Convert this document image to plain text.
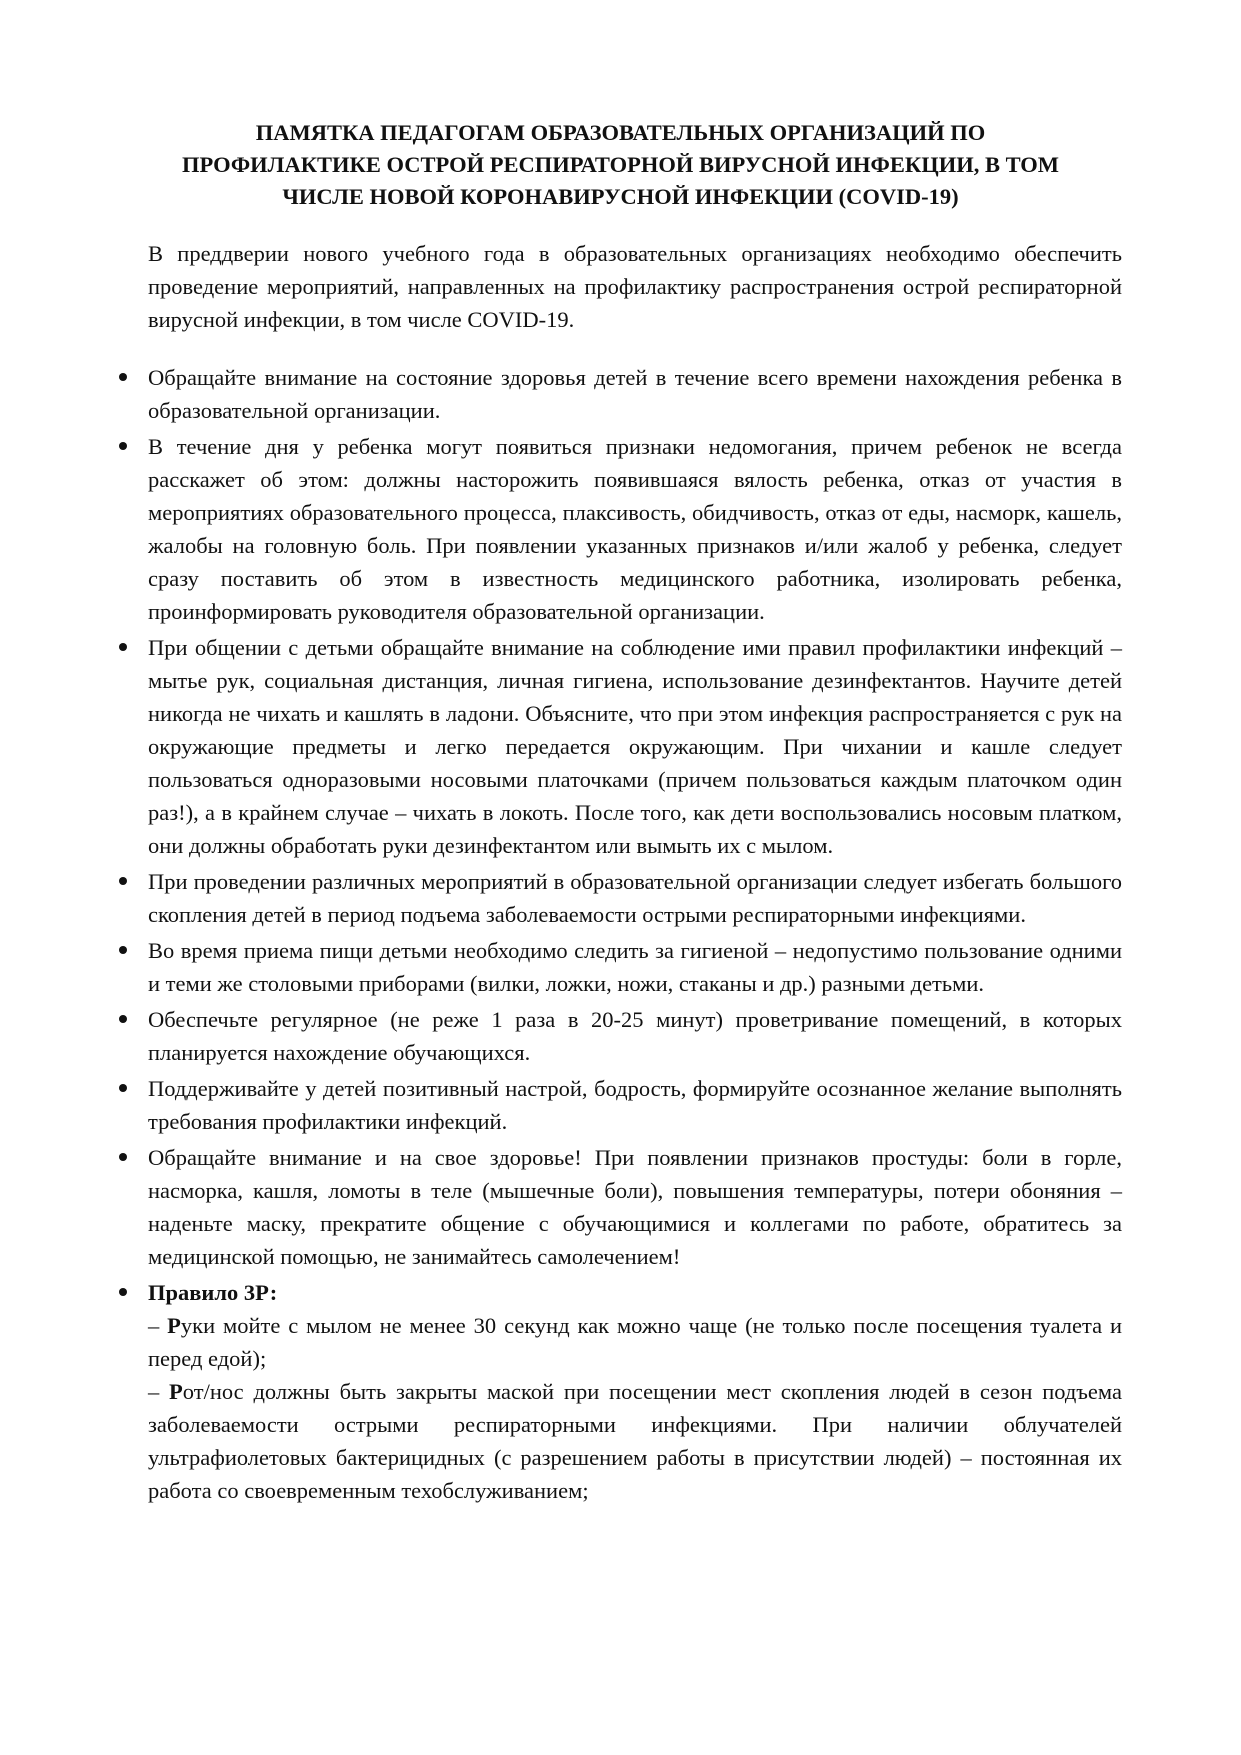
ПАМЯТКА ПЕДАГОГАМ ОБРАЗОВАТЕЛЬНЫХ ОРГАНИЗАЦИЙ ПО
ПРОФИЛАКТИКЕ ОСТРОЙ РЕСПИРАТОРНОЙ ВИРУСНОЙ ИНФЕКЦИИ, В ТОМ
ЧИСЛЕ НОВОЙ КОРОНАВИРУСНОЙ ИНФЕКЦИИ (COVID-19)

В преддверии нового учебного года в образовательных организациях необходимо обеспечить проведение мероприятий, направленных на профилактику распространения острой респираторной вирусной инфекции, в том числе COVID-19.

Обращайте внимание на состояние здоровья детей в течение всего времени нахождения ребенка в образовательной организации.
В течение дня у ребенка могут появиться признаки недомогания, причем ребенок не всегда расскажет об этом: должны насторожить появившаяся вялость ребенка, отказ от участия в мероприятиях образовательного процесса, плаксивость, обидчивость, отказ от еды, насморк, кашель, жалобы на головную боль. При появлении указанных признаков и/или жалоб у ребенка, следует сразу поставить об этом в известность медицинского работника, изолировать ребенка, проинформировать руководителя образовательной организации.
При общении с детьми обращайте внимание на соблюдение ими правил профилактики инфекций – мытье рук, социальная дистанция, личная гигиена, использование дезинфектантов. Научите детей никогда не чихать и кашлять в ладони. Объясните, что при этом инфекция распространяется с рук на окружающие предметы и легко передается окружающим. При чихании и кашле следует пользоваться одноразовыми носовыми платочками (причем пользоваться каждым платочком один раз!), а в крайнем случае – чихать в локоть. После того, как дети воспользовались носовым платком, они должны обработать руки дезинфектантом или вымыть их с мылом.
При проведении различных мероприятий в образовательной организации следует избегать большого скопления детей в период подъема заболеваемости острыми респираторными инфекциями.
Во время приема пищи детьми необходимо следить за гигиеной – недопустимо пользование одними и теми же столовыми приборами (вилки, ложки, ножи, стаканы и др.) разными детьми.
Обеспечьте регулярное (не реже 1 раза в 20-25 минут) проветривание помещений, в которых планируется нахождение обучающихся.
Поддерживайте у детей позитивный настрой, бодрость, формируйте осознанное желание выполнять требования профилактики инфекций.
Обращайте внимание и на свое здоровье! При появлении признаков простуды: боли в горле, насморка, кашля, ломоты в теле (мышечные боли), повышения температуры, потери обоняния – наденьте маску, прекратите общение с обучающимися и коллегами по работе, обратитесь за медицинской помощью, не занимайтесь самолечением!
Правило 3Р:
– Руки мойте с мылом не менее 30 секунд как можно чаще (не только после посещения туалета и перед едой);
– Рот/нос должны быть закрыты маской при посещении мест скопления людей в сезон подъема заболеваемости острыми респираторными инфекциями. При наличии облучателей ультрафиолетовых бактерицидных (с разрешением работы в присутствии людей) – постоянная их работа со своевременным техобслуживанием;
